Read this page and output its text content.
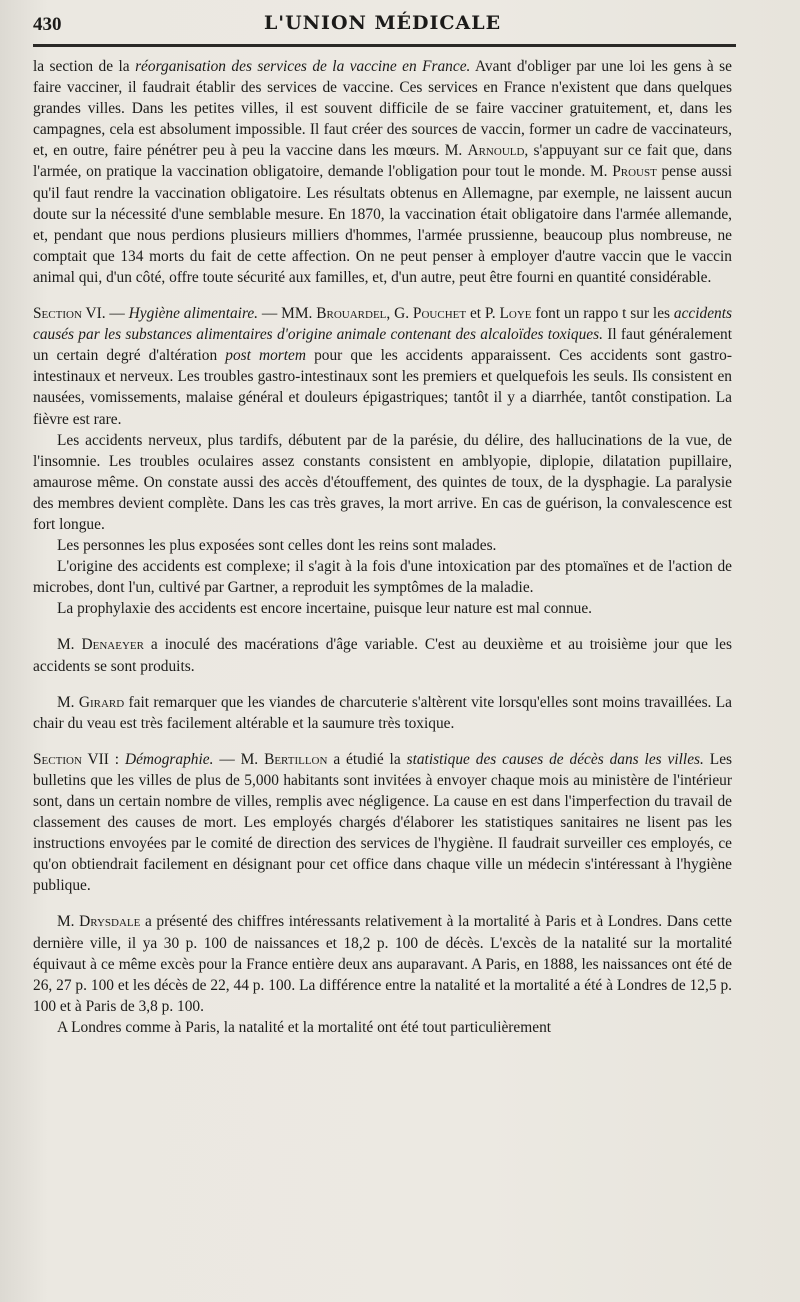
430	L'UNION MÉDICALE

la section de la réorganisation des services de la vaccine en France. Avant d'obliger par une loi les gens à se faire vacciner, il faudrait établir des services de vaccine. Ces services en France n'existent que dans quelques grandes villes. Dans les petites villes, il est souvent difficile de se faire vacciner gratuitement, et, dans les campagnes, cela est absolument impossible. Il faut créer des sources de vaccin, former un cadre de vaccinateurs, et, en outre, faire pénétrer peu à peu la vaccine dans les mœurs. M. Arnould, s'appuyant sur ce fait que, dans l'armée, on pratique la vaccination obligatoire, demande l'obligation pour tout le monde. M. Proust pense aussi qu'il faut rendre la vaccination obligatoire. Les résultats obtenus en Allemagne, par exemple, ne laissent aucun doute sur la nécessité d'une semblable mesure. En 1870, la vaccination était obligatoire dans l'armée allemande, et, pendant que nous perdions plusieurs milliers d'hommes, l'armée prussienne, beaucoup plus nombreuse, ne comptait que 134 morts du fait de cette affection. On ne peut penser à employer d'autre vaccin que le vaccin animal qui, d'un côté, offre toute sécurité aux familles, et, d'un autre, peut être fourni en quantité considérable.

Section VI. — Hygiène alimentaire. — MM. Brouardel, G. Pouchet et P. Loye font un rappo t sur les accidents causés par les substances alimentaires d'origine animale contenant des alcaloïdes toxiques. Il faut généralement un certain degré d'altération post mortem pour que les accidents apparaissent. Ces accidents sont gastro-intestinaux et nerveux. Les troubles gastro-intestinaux sont les premiers et quelquefois les seuls. Ils consistent en nausées, vomissements, malaise général et douleurs épigastriques; tantôt il y a diarrhée, tantôt constipation. La fièvre est rare.

Les accidents nerveux, plus tardifs, débutent par de la parésie, du délire, des hallucinations de la vue, de l'insomnie. Les troubles oculaires assez constants consistent en amblyopie, diplopie, dilatation pupillaire, amaurose même. On constate aussi des accès d'étouffement, des quintes de toux, de la dysphagie. La paralysie des membres devient complète. Dans les cas très graves, la mort arrive. En cas de guérison, la convalescence est fort longue.

Les personnes les plus exposées sont celles dont les reins sont malades.

L'origine des accidents est complexe; il s'agit à la fois d'une intoxication par des ptomaïnes et de l'action de microbes, dont l'un, cultivé par Gartner, a reproduit les symptômes de la maladie.

La prophylaxie des accidents est encore incertaine, puisque leur nature est mal connue.

M. Denaeyer a inoculé des macérations d'âge variable. C'est au deuxième et au troisième jour que les accidents se sont produits.

M. Girard fait remarquer que les viandes de charcuterie s'altèrent vite lorsqu'elles sont moins travaillées. La chair du veau est très facilement altérable et la saumure très toxique.

Section VII : Démographie. — M. Bertillon a étudié la statistique des causes de décès dans les villes. Les bulletins que les villes de plus de 5,000 habitants sont invitées à envoyer chaque mois au ministère de l'intérieur sont, dans un certain nombre de villes, remplis avec négligence. La cause en est dans l'imperfection du travail de classement des causes de mort. Les employés chargés d'élaborer les statistiques sanitaires ne lisent pas les instructions envoyées par le comité de direction des services de l'hygiène. Il faudrait surveiller ces employés, ce qu'on obtiendrait facilement en désignant pour cet office dans chaque ville un médecin s'intéressant à l'hygiène publique.

M. Drysdale a présenté des chiffres intéressants relativement à la mortalité à Paris et à Londres. Dans cette dernière ville, il ya 30 p. 100 de naissances et 18,2 p. 100 de décès. L'excès de la natalité sur la mortalité équivaut à ce même excès pour la France entière deux ans auparavant. A Paris, en 1888, les naissances ont été de 26, 27 p. 100 et les décès de 22, 44 p. 100. La différence entre la natalité et la mortalité a été à Londres de 12,5 p. 100 et à Paris de 3,8 p. 100.

A Londres comme à Paris, la natalité et la mortalité ont été tout particulièrement
